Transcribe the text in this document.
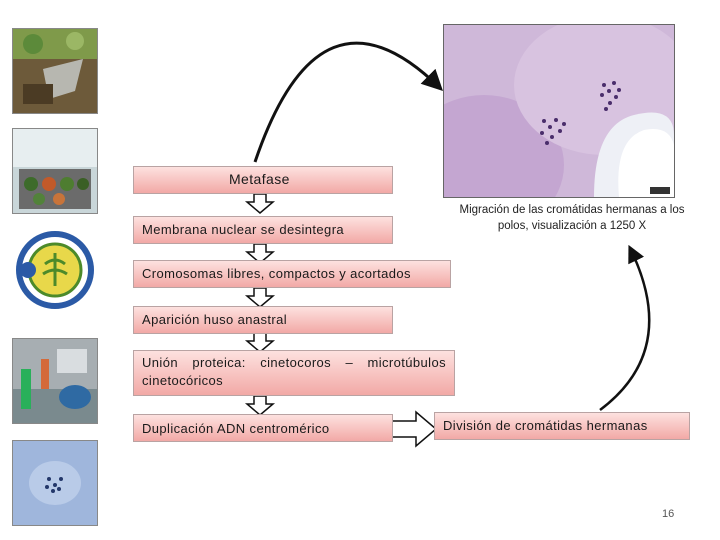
Metafase
Membrana nuclear se desintegra
Cromosomas libres, compactos y acortados
Aparición huso anastral
Unión proteica: cinetocoros – microtúbulos cinetocóricos
Duplicación ADN centromérico	División de cromátidas hermanas
Migración de las cromátidas hermanas a los polos, visualización a 1250 X
16
